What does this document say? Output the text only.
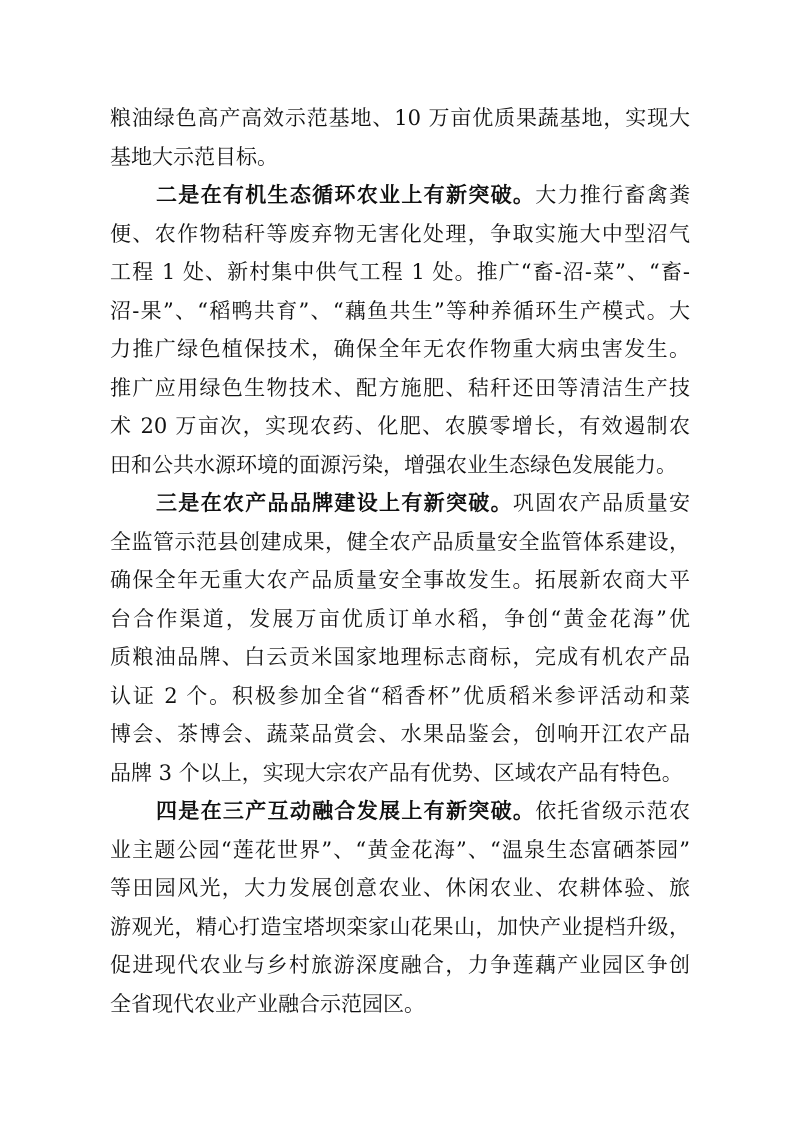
粮油绿色高产高效示范基地、10 万亩优质果蔬基地，实现大
基地大示范目标。
二是在有机生态循环农业上有新突破。大力推行畜禽粪
便、农作物秸秆等废弃物无害化处理，争取实施大中型沼气
工程 1 处、新村集中供气工程 1 处。推广“畜-沼-菜”、“畜-
沼-果”、“稻鸭共育”、“藕鱼共生”等种养循环生产模式。大
力推广绿色植保技术，确保全年无农作物重大病虫害发生。
推广应用绿色生物技术、配方施肥、秸秆还田等清洁生产技
术 20 万亩次，实现农药、化肥、农膜零增长，有效遏制农
田和公共水源环境的面源污染，增强农业生态绿色发展能力。
三是在农产品品牌建设上有新突破。巩固农产品质量安
全监管示范县创建成果，健全农产品质量安全监管体系建设，
确保全年无重大农产品质量安全事故发生。拓展新农商大平
台合作渠道，发展万亩优质订单水稻，争创“黄金花海”优
质粮油品牌、白云贡米国家地理标志商标，完成有机农产品
认证 2 个。积极参加全省“稻香杯”优质稻米参评活动和菜
博会、茶博会、蔬菜品赏会、水果品鉴会，创响开江农产品
品牌 3 个以上，实现大宗农产品有优势、区域农产品有特色。
四是在三产互动融合发展上有新突破。依托省级示范农
业主题公园“莲花世界”、“黄金花海”、“温泉生态富硒茶园”
等田园风光，大力发展创意农业、休闲农业、农耕体验、旅
游观光，精心打造宝塔坝栾家山花果山，加快产业提档升级，
促进现代农业与乡村旅游深度融合，力争莲藕产业园区争创
全省现代农业产业融合示范园区。
